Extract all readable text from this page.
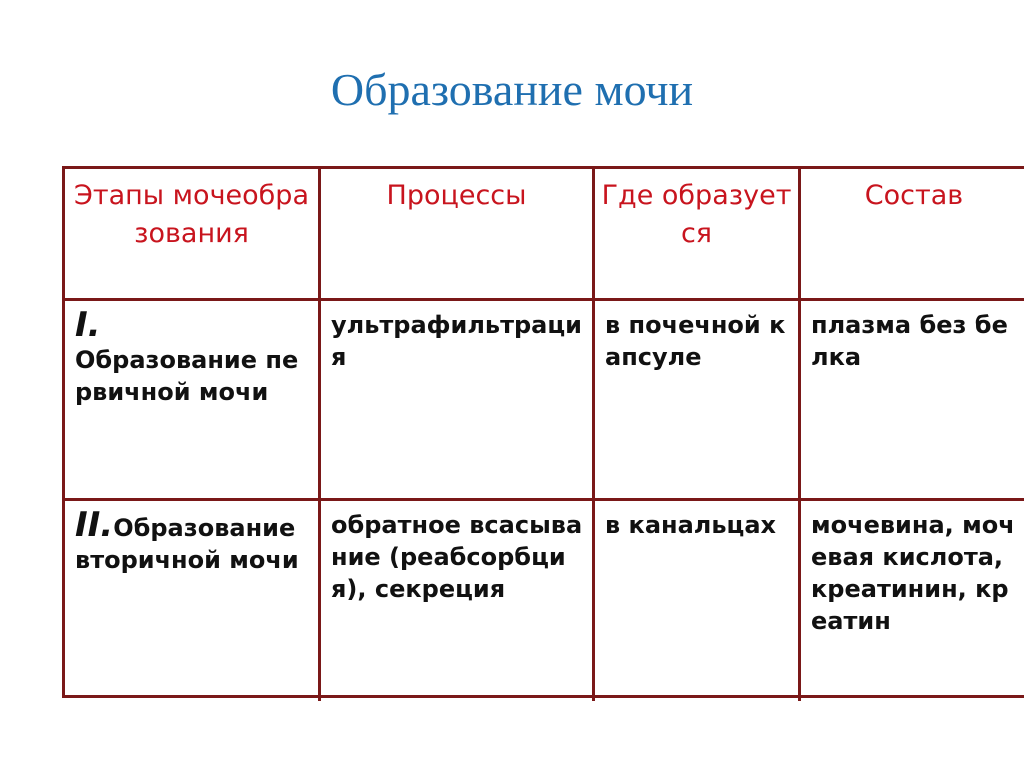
Образование мочи
Этапы мочеобразования
Процессы	Где образуется
Состав
I.
Образование первичной мочи
ультрафильтрация
в почечной капсуле
плазма без белка
II.Образование вторичной мочи
обратное всасывание (реабсорбция), секреция
в канальцах	мочевина, мочевая кислота, креатинин, креатин
